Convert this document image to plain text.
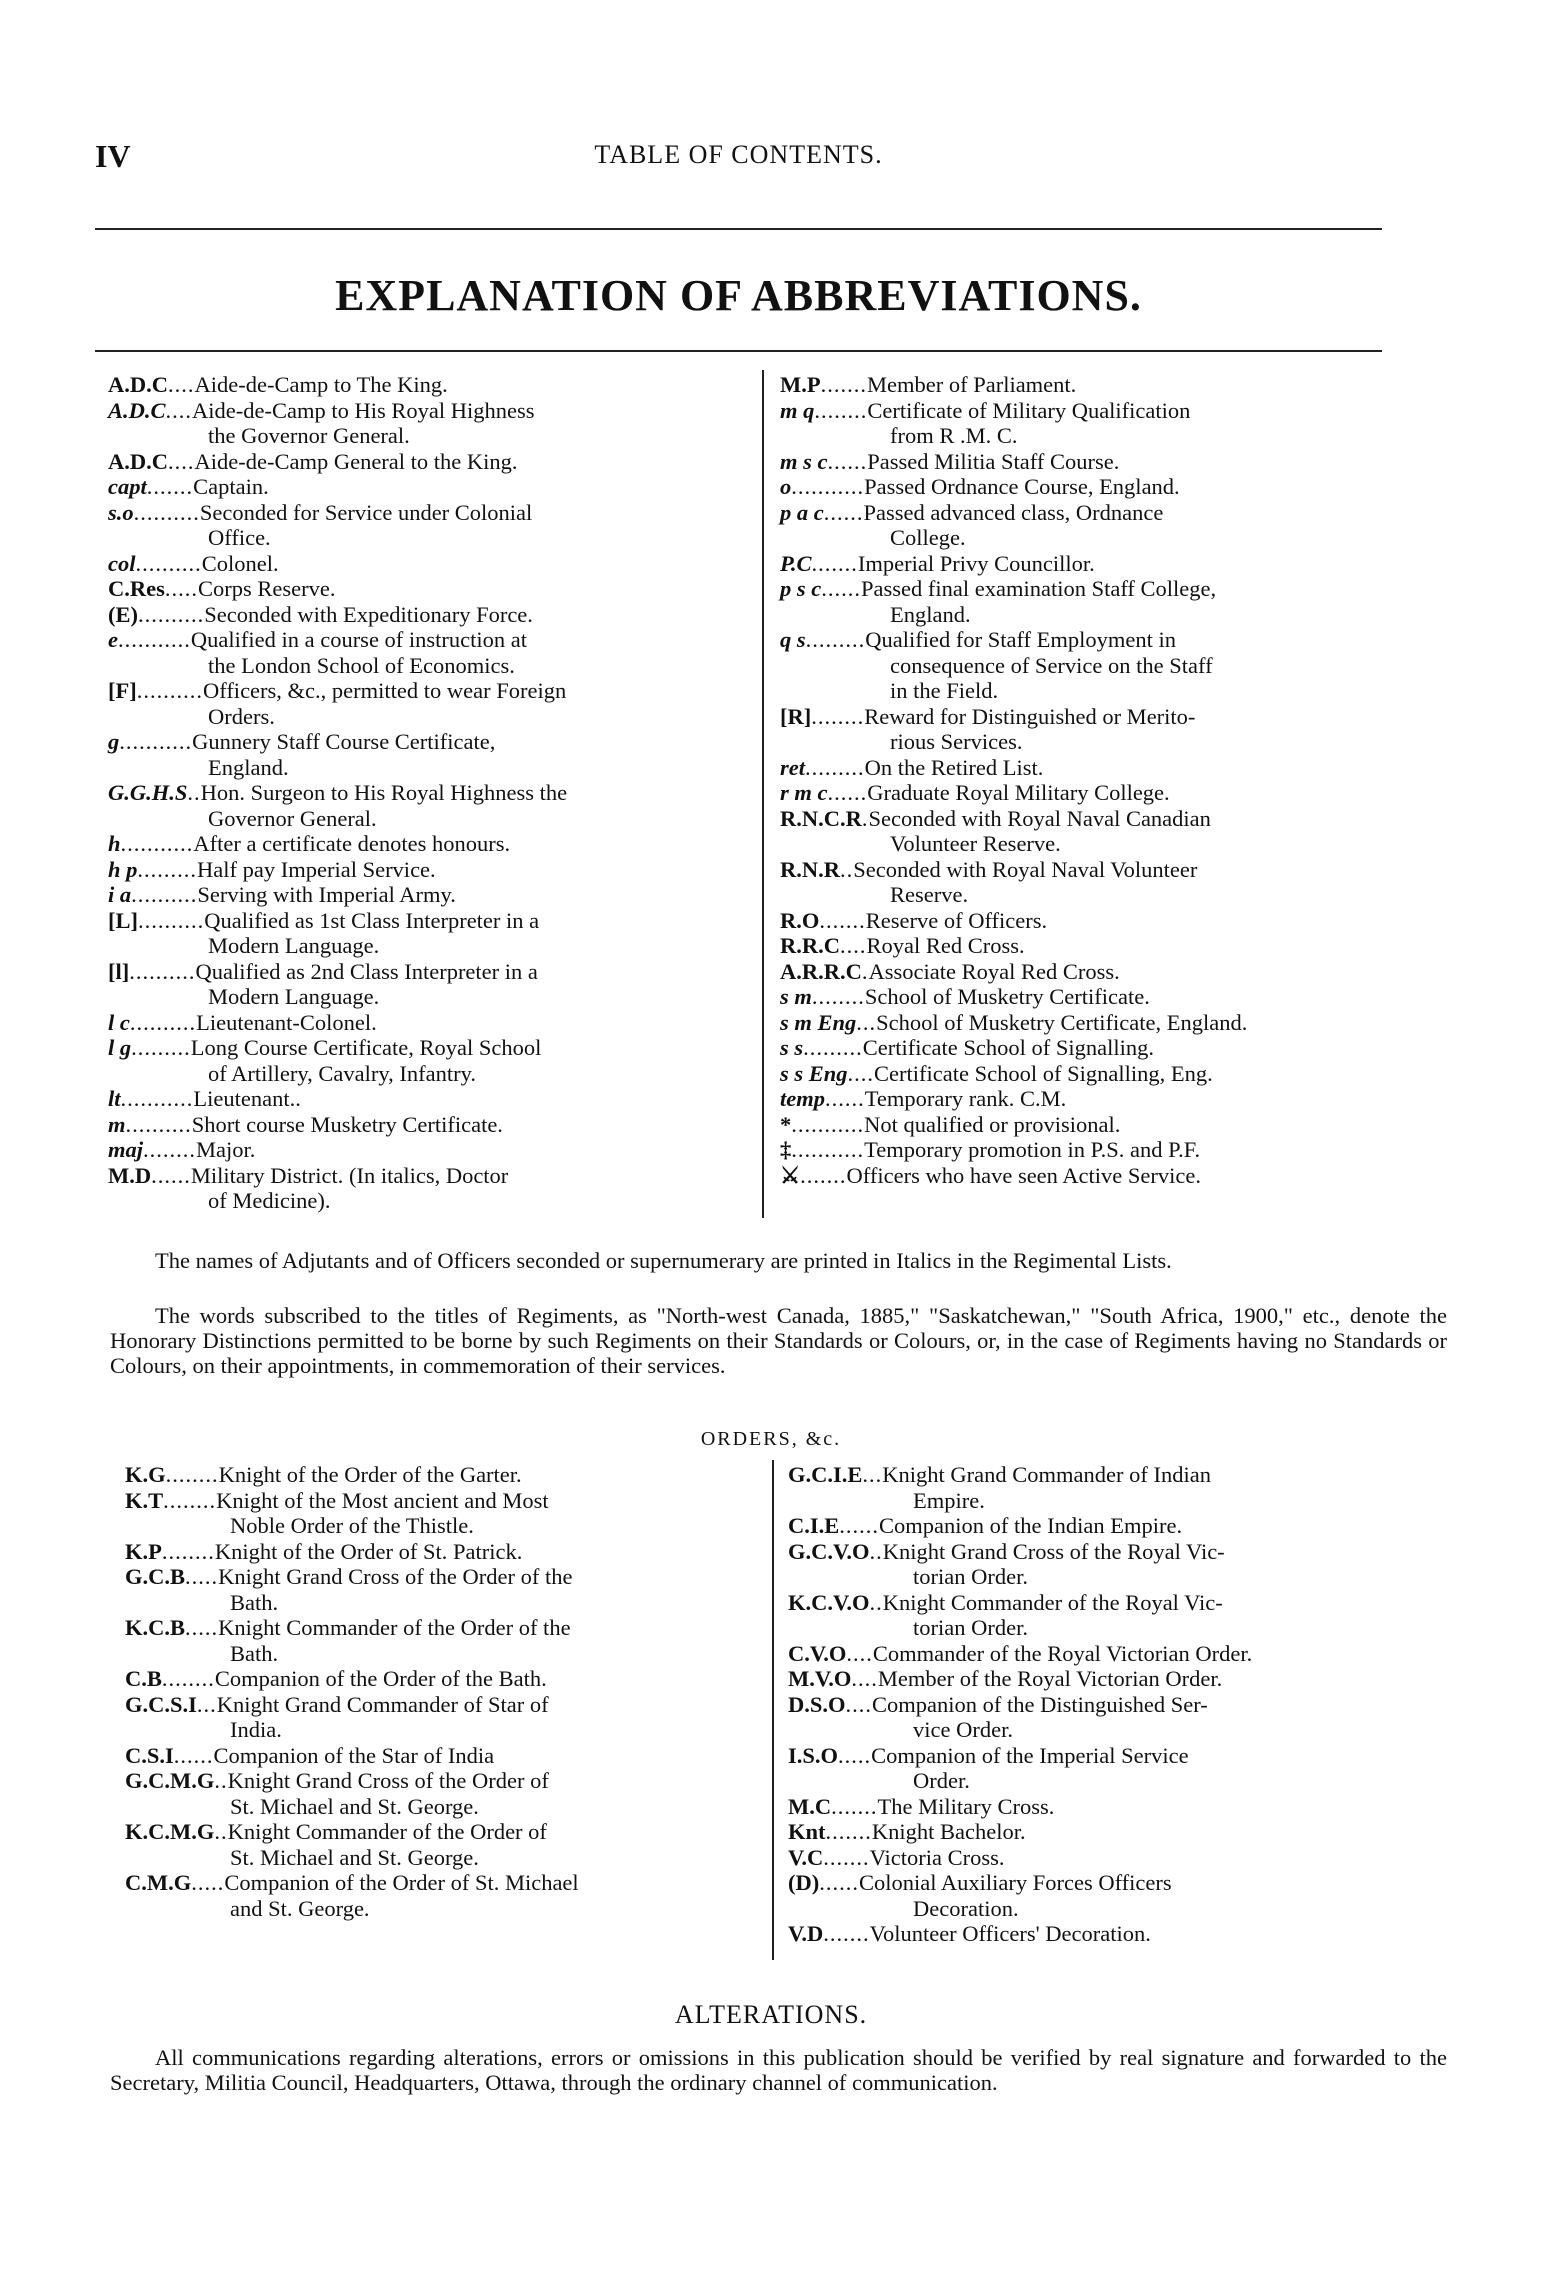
IV	TABLE OF CONTENTS.
EXPLANATION OF ABBREVIATIONS.
A.D.C....Aide-de-Camp to The King.
A.D.C....Aide-de-Camp to His Royal Highness
the Governor General.
A.D.C....Aide-de-Camp General to the King.
capt.......Captain.
s.o..........Seconded for Service under Colonial
Office.
col..........Colonel.
C.Res.....Corps Reserve.
(E)..........Seconded with Expeditionary Force.
e...........Qualified in a course of instruction at
the London School of Economics.
[F]..........Officers, &c., permitted to wear Foreign
Orders.
g...........Gunnery Staff Course Certificate,
England.
G.G.H.S..Hon. Surgeon to His Royal Highness the
Governor General.
h...........After a certificate denotes honours.
h p.........Half pay Imperial Service.
i a..........Serving with Imperial Army.
[L]..........Qualified as 1st Class Interpreter in a
Modern Language.
[l]..........Qualified as 2nd Class Interpreter in a
Modern Language.
l c..........Lieutenant-Colonel.
l g.........Long Course Certificate, Royal School
of Artillery, Cavalry, Infantry.
lt...........Lieutenant..
m..........Short course Musketry Certificate.
maj........Major.
M.D......Military District. (In italics, Doctor
of Medicine).
M.P.......Member of Parliament.
m q........Certificate of Military Qualification
from R .M. C.
m s c......Passed Militia Staff Course.
o...........Passed Ordnance Course, England.
p a c......Passed advanced class, Ordnance
College.
P.C.......Imperial Privy Councillor.
p s c......Passed final examination Staff College,
England.
q s.........Qualified for Staff Employment in
consequence of Service on the Staff
in the Field.
[R]........Reward for Distinguished or Merito-
rious Services.
ret.........On the Retired List.
r m c......Graduate Royal Military College.
R.N.C.R.Seconded with Royal Naval Canadian
Volunteer Reserve.
R.N.R..Seconded with Royal Naval Volunteer
Reserve.
R.O.......Reserve of Officers.
R.R.C....Royal Red Cross.
A.R.R.C.Associate Royal Red Cross.
s m........School of Musketry Certificate.
s m Eng...School of Musketry Certificate, England.
s s.........Certificate School of Signalling.
s s Eng....Certificate School of Signalling, Eng.
temp......Temporary rank. C.M.
*...........Not qualified or provisional.
‡...........Temporary promotion in P.S. and P.F.
⚔.......Officers who have seen Active Service.
The names of Adjutants and of Officers seconded or supernumerary are printed in Italics in the Regimental Lists.
The words subscribed to the titles of Regiments, as "North-west Canada, 1885," "Saskatchewan," "South Africa, 1900," etc., denote the Honorary Distinctions permitted to be borne by such Regiments on their Standards or Colours, or, in the case of Regiments having no Standards or Colours, on their appointments, in commemoration of their services.
ORDERS, &c.
K.G........Knight of the Order of the Garter.
K.T........Knight of the Most ancient and Most
Noble Order of the Thistle.
K.P........Knight of the Order of St. Patrick.
G.C.B.....Knight Grand Cross of the Order of the
Bath.
K.C.B.....Knight Commander of the Order of the
Bath.
C.B........Companion of the Order of the Bath.
G.C.S.I...Knight Grand Commander of Star of
India.
C.S.I......Companion of the Star of India
G.C.M.G..Knight Grand Cross of the Order of
St. Michael and St. George.
K.C.M.G..Knight Commander of the Order of
St. Michael and St. George.
C.M.G.....Companion of the Order of St. Michael
and St. George.
G.C.I.E...Knight Grand Commander of Indian
Empire.
C.I.E......Companion of the Indian Empire.
G.C.V.O..Knight Grand Cross of the Royal Vic-
torian Order.
K.C.V.O..Knight Commander of the Royal Vic-
torian Order.
C.V.O....Commander of the Royal Victorian Order.
M.V.O....Member of the Royal Victorian Order.
D.S.O....Companion of the Distinguished Ser-
vice Order.
I.S.O.....Companion of the Imperial Service
Order.
M.C.......The Military Cross.
Knt.......Knight Bachelor.
V.C.......Victoria Cross.
(D)......Colonial Auxiliary Forces Officers
Decoration.
V.D.......Volunteer Officers' Decoration.
ALTERATIONS.
All communications regarding alterations, errors or omissions in this publication should be verified by real signature and forwarded to the Secretary, Militia Council, Headquarters, Ottawa, through the ordinary channel of communication.
